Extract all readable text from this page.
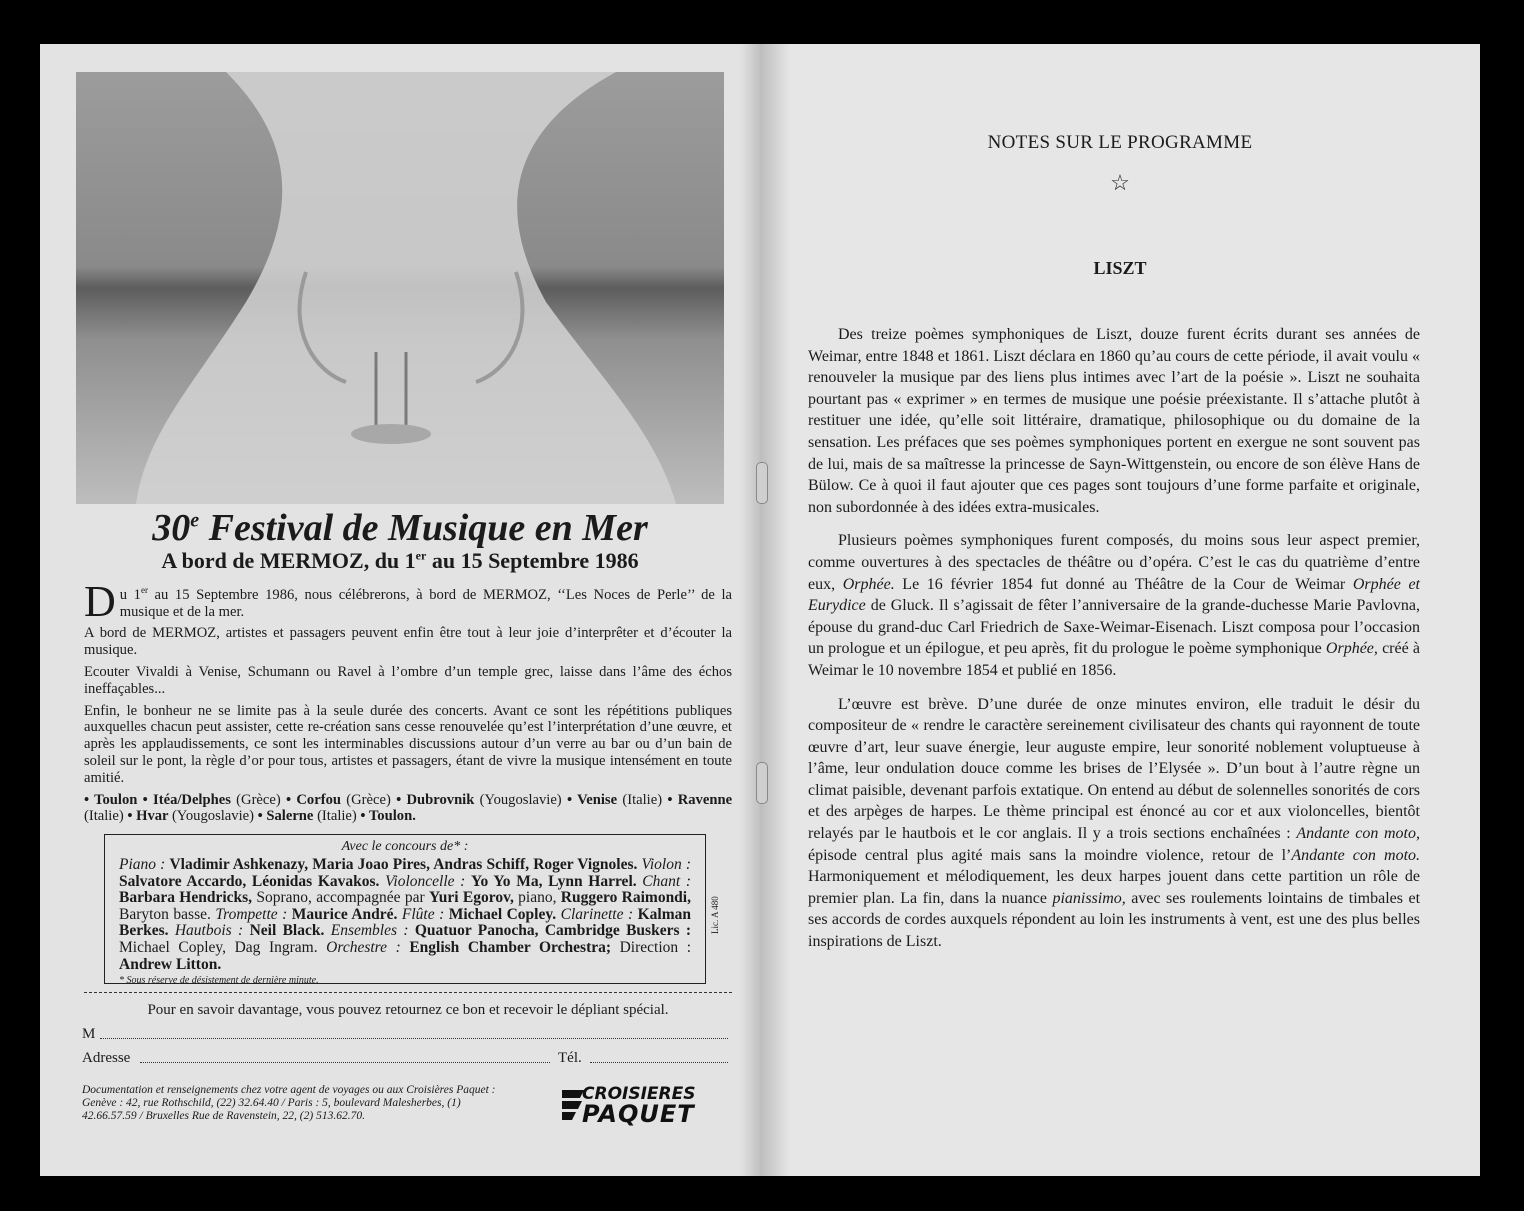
30e Festival de Musique en Mer
A bord de MERMOZ, du 1er au 15 Septembre 1986

Du 1er au 15 Septembre 1986, nous célébrerons, à bord de MERMOZ, ‘‘Les Noces de Perle’’ de la musique et de la mer.

A bord de MERMOZ, artistes et passagers peuvent enfin être tout à leur joie d’interprêter et d’écouter la musique.

Ecouter Vivaldi à Venise, Schumann ou Ravel à l’ombre d’un temple grec, laisse dans l’âme des échos ineffaçables...

Enfin, le bonheur ne se limite pas à la seule durée des concerts. Avant ce sont les répétitions publiques auxquelles chacun peut assister, cette re-création sans cesse renouvelée qu’est l’interprétation d’une œuvre, et après les applaudissements, ce sont les interminables discussions autour d’un verre au bar ou d’un bain de soleil sur le pont, la règle d’or pour tous, artistes et passagers, étant de vivre la musique intensément en toute amitié.

• Toulon • Itéa/Delphes (Grèce) • Corfou (Grèce) • Dubrovnik (Yougoslavie) • Venise (Italie) • Ravenne (Italie) • Hvar (Yougoslavie) • Salerne (Italie) • Toulon.

Avec le concours de* :
Piano : Vladimir Ashkenazy, Maria Joao Pires, Andras Schiff, Roger Vignoles. Violon : Salvatore Accardo, Léonidas Kavakos. Violoncelle : Yo Yo Ma, Lynn Harrel. Chant : Barbara Hendricks, Soprano, accompagnée par Yuri Egorov, piano, Ruggero Raimondi, Baryton basse. Trompette : Maurice André. Flûte : Michael Copley. Clarinette : Kalman Berkes. Hautbois : Neil Black. Ensembles : Quatuor Panocha, Cambridge Buskers : Michael Copley, Dag Ingram. Orchestre : English Chamber Orchestra; Direction : Andrew Litton.
* Sous réserve de désistement de dernière minute.
Lic. A 480
Pour en savoir davantage, vous pouvez retournez ce bon et recevoir le dépliant spécial.
M
Adresse	Tél.
Documentation et renseignements chez votre agent de voyages ou aux Croisières Paquet : Genève : 42, rue Rothschild, (22) 32.64.40 / Paris : 5, boulevard Malesherbes, (1) 42.66.57.59 / Bruxelles Rue de Ravenstein, 22, (2) 513.62.70.
CROISIERES
PAQUET
NOTES SUR LE PROGRAMME
☆
LISZT

Des treize poèmes symphoniques de Liszt, douze furent écrits durant ses années de Weimar, entre 1848 et 1861. Liszt déclara en 1860 qu’au cours de cette période, il avait voulu « renouveler la musique par des liens plus intimes avec l’art de la poésie ». Liszt ne souhaita pourtant pas « exprimer » en termes de musique une poésie préexistante. Il s’attache plutôt à restituer une idée, qu’elle soit littéraire, dramatique, philosophique ou du domaine de la sensation. Les préfaces que ses poèmes symphoniques portent en exergue ne sont souvent pas de lui, mais de sa maîtresse la princesse de Sayn-Wittgenstein, ou encore de son élève Hans de Bülow. Ce à quoi il faut ajouter que ces pages sont toujours d’une forme parfaite et originale, non subordonnée à des idées extra-musicales.

Plusieurs poèmes symphoniques furent composés, du moins sous leur aspect premier, comme ouvertures à des spectacles de théâtre ou d’opéra. C’est le cas du quatrième d’entre eux, Orphée. Le 16 février 1854 fut donné au Théâtre de la Cour de Weimar Orphée et Eurydice de Gluck. Il s’agissait de fêter l’anniversaire de la grande-duchesse Marie Pavlovna, épouse du grand-duc Carl Friedrich de Saxe-Weimar-Eisenach. Liszt composa pour l’occasion un prologue et un épilogue, et peu après, fit du prologue le poème symphonique Orphée, créé à Weimar le 10 novembre 1854 et publié en 1856.

L’œuvre est brève. D’une durée de onze minutes environ, elle traduit le désir du compositeur de « rendre le caractère sereinement civilisateur des chants qui rayonnent de toute œuvre d’art, leur suave énergie, leur auguste empire, leur sonorité noblement voluptueuse à l’âme, leur ondulation douce comme les brises de l’Elysée ». D’un bout à l’autre règne un climat paisible, devenant parfois extatique. On entend au début de solennelles sonorités de cors et des arpèges de harpes. Le thème principal est énoncé au cor et aux violoncelles, bientôt relayés par le hautbois et le cor anglais. Il y a trois sections enchaînées : Andante con moto, épisode central plus agité mais sans la moindre violence, retour de l’Andante con moto. Harmoniquement et mélodiquement, les deux harpes jouent dans cette partition un rôle de premier plan. La fin, dans la nuance pianissimo, avec ses roulements lointains de timbales et ses accords de cordes auxquels répondent au loin les instruments à vent, est une des plus belles inspirations de Liszt.
